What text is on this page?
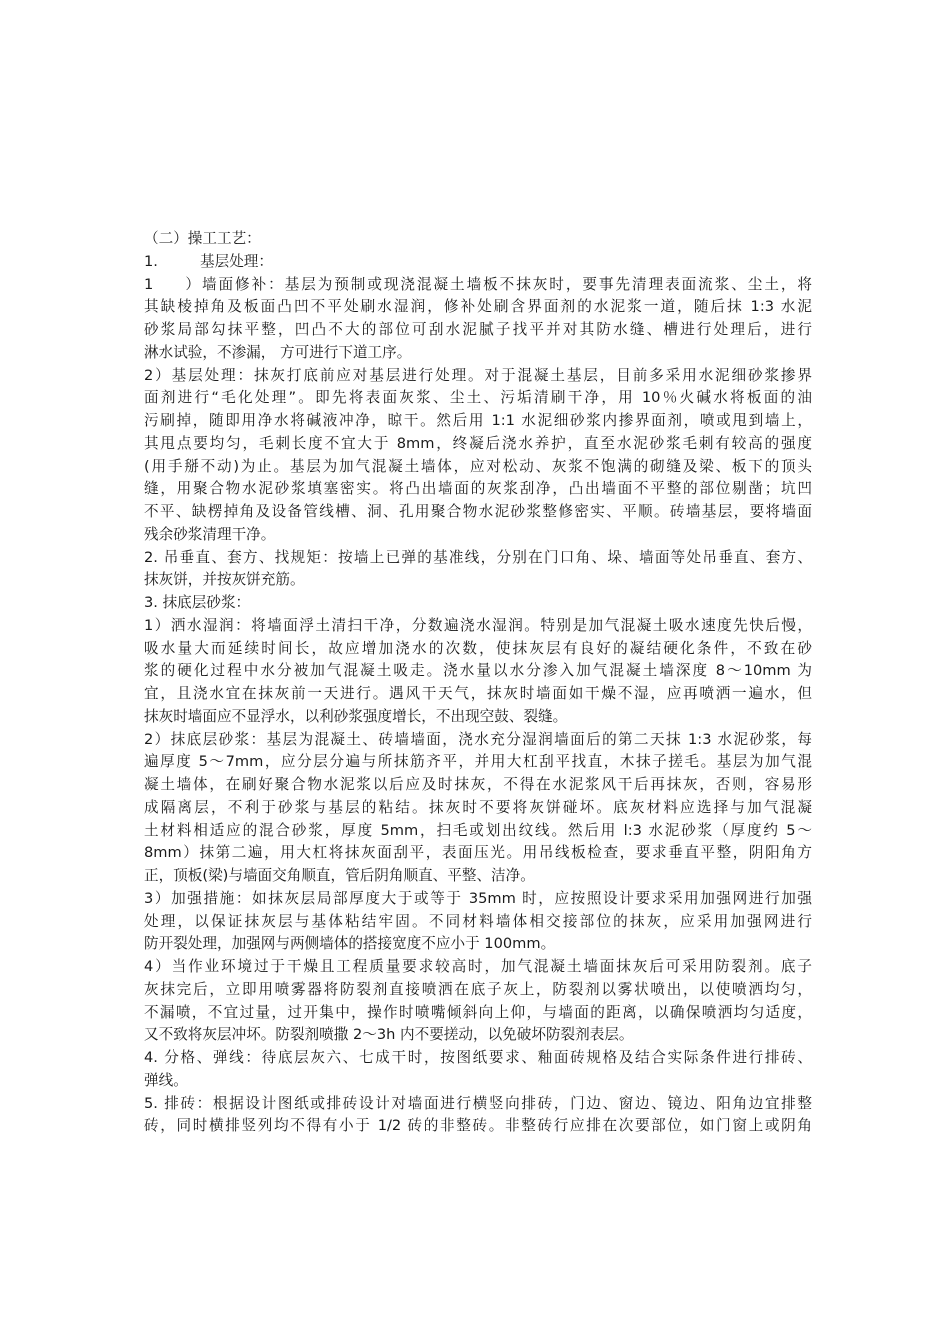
（二）操工工艺：
1.	基层处理：
1）墙面修补：基层为预制或现浇混凝土墙板不抹灰时，要事先清理表面流浆、尘土，将
其缺棱掉角及板面凸凹不平处刷水湿润，修补处刷含界面剂的水泥浆一道，随后抹 1:3 水泥
砂浆局部勾抹平整，凹凸不大的部位可刮水泥腻子找平并对其防水缝、槽进行处理后，进行
淋水试验，不渗漏， 方可进行下道工序。
2）基层处理：抹灰打底前应对基层进行处理。对于混凝土基层，目前多采用水泥细砂浆掺界
面剂进行“毛化处理”。即先将表面灰浆、尘土、污垢清刷干净，用 10％火碱水将板面的油
污刷掉，随即用净水将碱液冲净，晾干。然后用 1:1 水泥细砂浆内掺界面剂，喷或甩到墙上，
其甩点要均匀，毛刺长度不宜大于 8mm，终凝后浇水养护，直至水泥砂浆毛刺有较高的强度
(用手掰不动)为止。基层为加气混凝土墙体，应对松动、灰浆不饱满的砌缝及梁、板下的顶头
缝，用聚合物水泥砂浆填塞密实。将凸出墙面的灰浆刮净，凸出墙面不平整的部位剔凿；坑凹
不平、缺楞掉角及设备管线槽、洞、孔用聚合物水泥砂浆整修密实、平顺。砖墙基层，要将墙面
残余砂浆清理干净。
2. 吊垂直、套方、找规矩：按墙上已弹的基准线，分别在门口角、垛、墙面等处吊垂直、套方、
抹灰饼，并按灰饼充筋。
3. 抹底层砂浆：
1）洒水湿润：将墙面浮土清扫干净，分数遍浇水湿润。特别是加气混凝土吸水速度先快后慢，
吸水量大而延续时间长，故应增加浇水的次数，使抹灰层有良好的凝结硬化条件，不致在砂
浆的硬化过程中水分被加气混凝土吸走。浇水量以水分渗入加气混凝土墙深度 8～10mm 为
宜，且浇水宜在抹灰前一天进行。遇风干天气，抹灰时墙面如干燥不湿，应再喷洒一遍水，但
抹灰时墙面应不显浮水，以利砂浆强度增长，不出现空鼓、裂缝。
2）抹底层砂浆：基层为混凝土、砖墙墙面，浇水充分湿润墙面后的第二天抹 1:3 水泥砂浆，每
遍厚度 5～7mm，应分层分遍与所抹筋齐平，并用大杠刮平找直，木抹子搓毛。基层为加气混
凝土墙体，在刷好聚合物水泥浆以后应及时抹灰，不得在水泥浆风干后再抹灰，否则，容易形
成隔离层，不利于砂浆与基层的粘结。抹灰时不要将灰饼碰坏。底灰材料应选择与加气混凝
土材料相适应的混合砂浆，厚度 5mm，扫毛或划出纹线。然后用 l:3 水泥砂浆（厚度约 5～
8mm）抹第二遍，用大杠将抹灰面刮平，表面压光。用吊线板检查，要求垂直平整，阴阳角方
正，顶板(梁)与墙面交角顺直，管后阴角顺直、平整、洁净。
3）加强措施：如抹灰层局部厚度大于或等于 35mm 时，应按照设计要求采用加强网进行加强
处理，以保证抹灰层与基体粘结牢固。不同材料墙体相交接部位的抹灰，应采用加强网进行
防开裂处理，加强网与两侧墙体的搭接宽度不应小于 100mm。
4）当作业环境过于干燥且工程质量要求较高时，加气混凝土墙面抹灰后可采用防裂剂。底子
灰抹完后，立即用喷雾器将防裂剂直接喷洒在底子灰上，防裂剂以雾状喷出，以使喷洒均匀，
不漏喷，不宜过量，过开集中，操作时喷嘴倾斜向上仰，与墙面的距离，以确保喷洒均匀适度，
又不致将灰层冲坏。防裂剂喷撒 2～3h 内不要搓动，以免破坏防裂剂表层。
4. 分格、弹线：待底层灰六、七成干时，按图纸要求、釉面砖规格及结合实际条件进行排砖、
弹线。
5. 排砖：根据设计图纸或排砖设计对墙面进行横竖向排砖，门边、窗边、镜边、阳角边宜排整
砖，同时横排竖列均不得有小于 1/2 砖的非整砖。非整砖行应排在次要部位，如门窗上或阴角
